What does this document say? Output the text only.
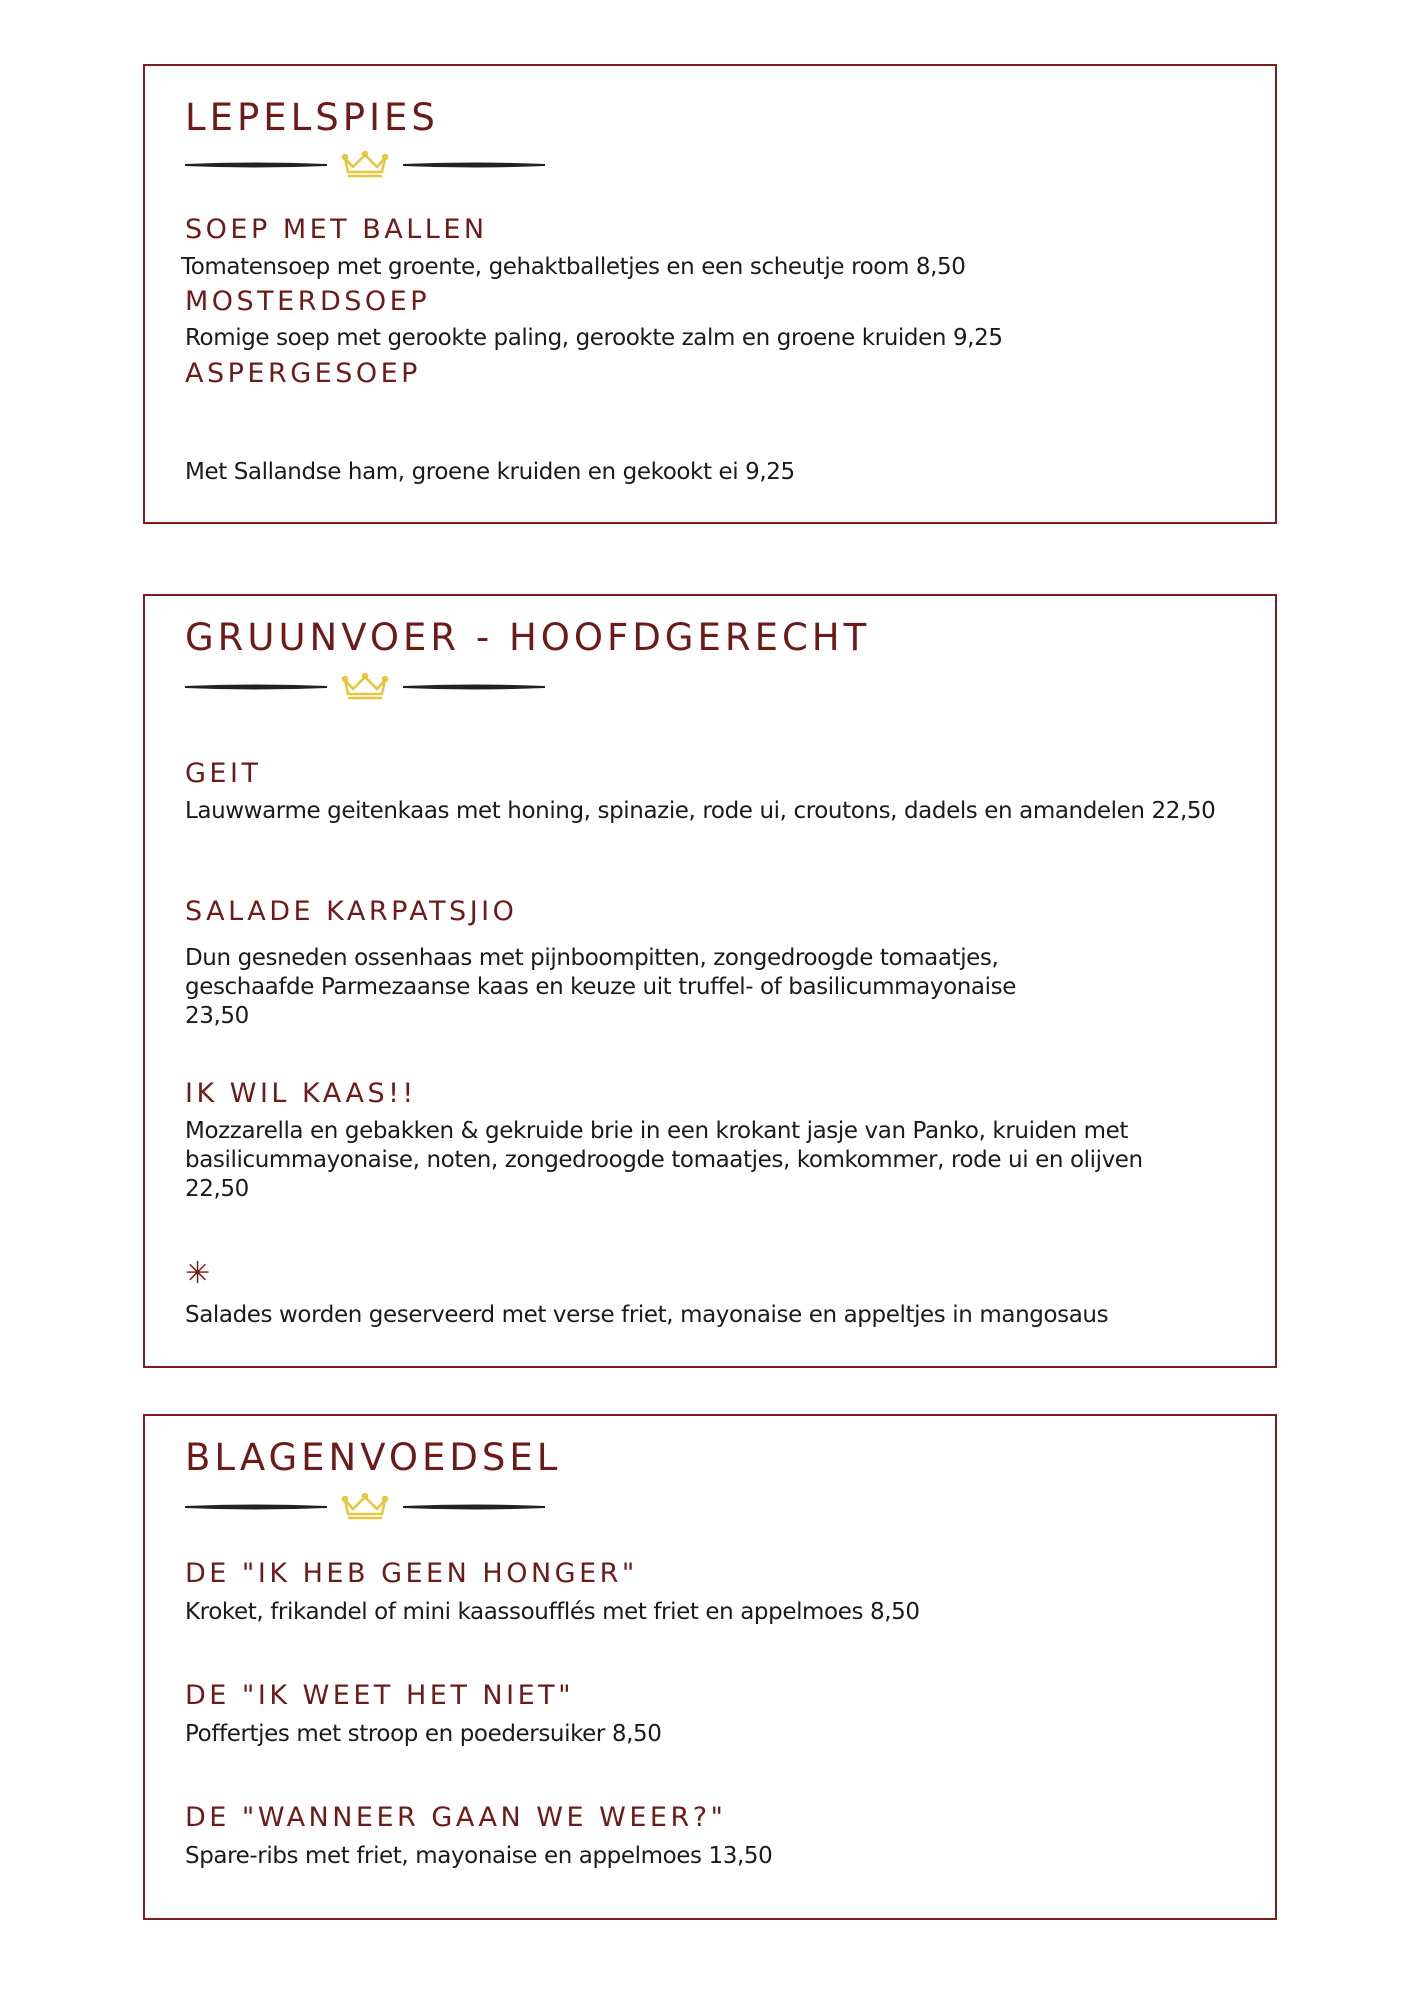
LEPELSPIES
SOEP MET BALLEN
Tomatensoep met groente, gehaktballetjes en een scheutje room 8,50
MOSTERDSOEP
Romige soep met gerookte paling, gerookte zalm en groene kruiden 9,25
ASPERGESOEP
Met Sallandse ham, groene kruiden en gekookt ei 9,25
GRUUNVOER - HOOFDGERECHT
GEIT
Lauwwarme geitenkaas met honing, spinazie, rode ui, croutons, dadels en amandelen 22,50
SALADE KARPATSJIO
Dun gesneden ossenhaas met pijnboompitten, zongedroogde tomaatjes,
geschaafde Parmezaanse kaas en keuze uit truffel- of basilicummayonaise
23,50
IK WIL KAAS!!
Mozzarella en gebakken & gekruide brie in een krokant jasje van Panko, kruiden met
basilicummayonaise, noten, zongedroogde tomaatjes, komkommer, rode ui en olijven
22,50
✳
Salades worden geserveerd met verse friet, mayonaise en appeltjes in mangosaus
BLAGENVOEDSEL
DE "IK HEB GEEN HONGER"
Kroket, frikandel of mini kaassoufflés met friet en appelmoes 8,50
DE "IK WEET HET NIET"
Poffertjes met stroop en poedersuiker 8,50
DE "WANNEER GAAN WE WEER?"
Spare-ribs met friet, mayonaise en appelmoes 13,50
